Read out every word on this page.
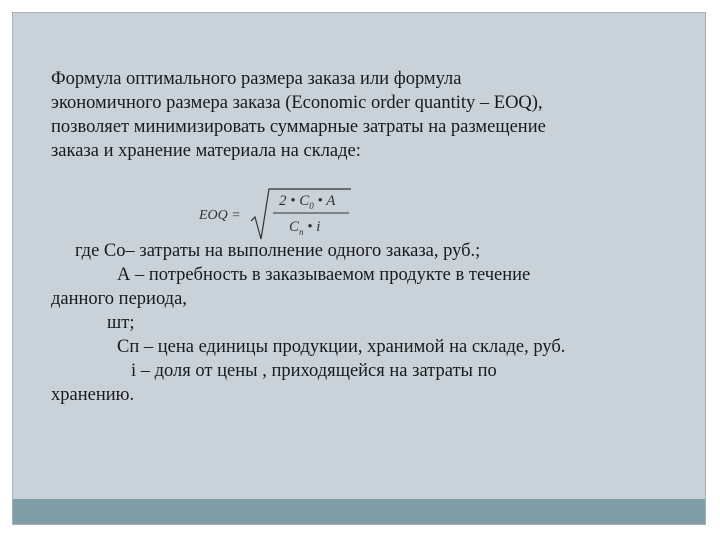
Формула оптимального размера заказа или формула
экономичного размера заказа (Economic order quantity – EOQ),
позволяет минимизировать суммарные затраты на размещение
заказа и хранение материала на складе:
EOQ =
2 • $C_0$ • A
$C_п$ • i
где Со– затраты на выполнение одного заказа, руб.;
А – потребность в заказываемом продукте в течение
данного периода,
шт;
Сп – цена единицы продукции, хранимой на складе, руб.
i – доля от цены , приходящейся на затраты по
хранению.
